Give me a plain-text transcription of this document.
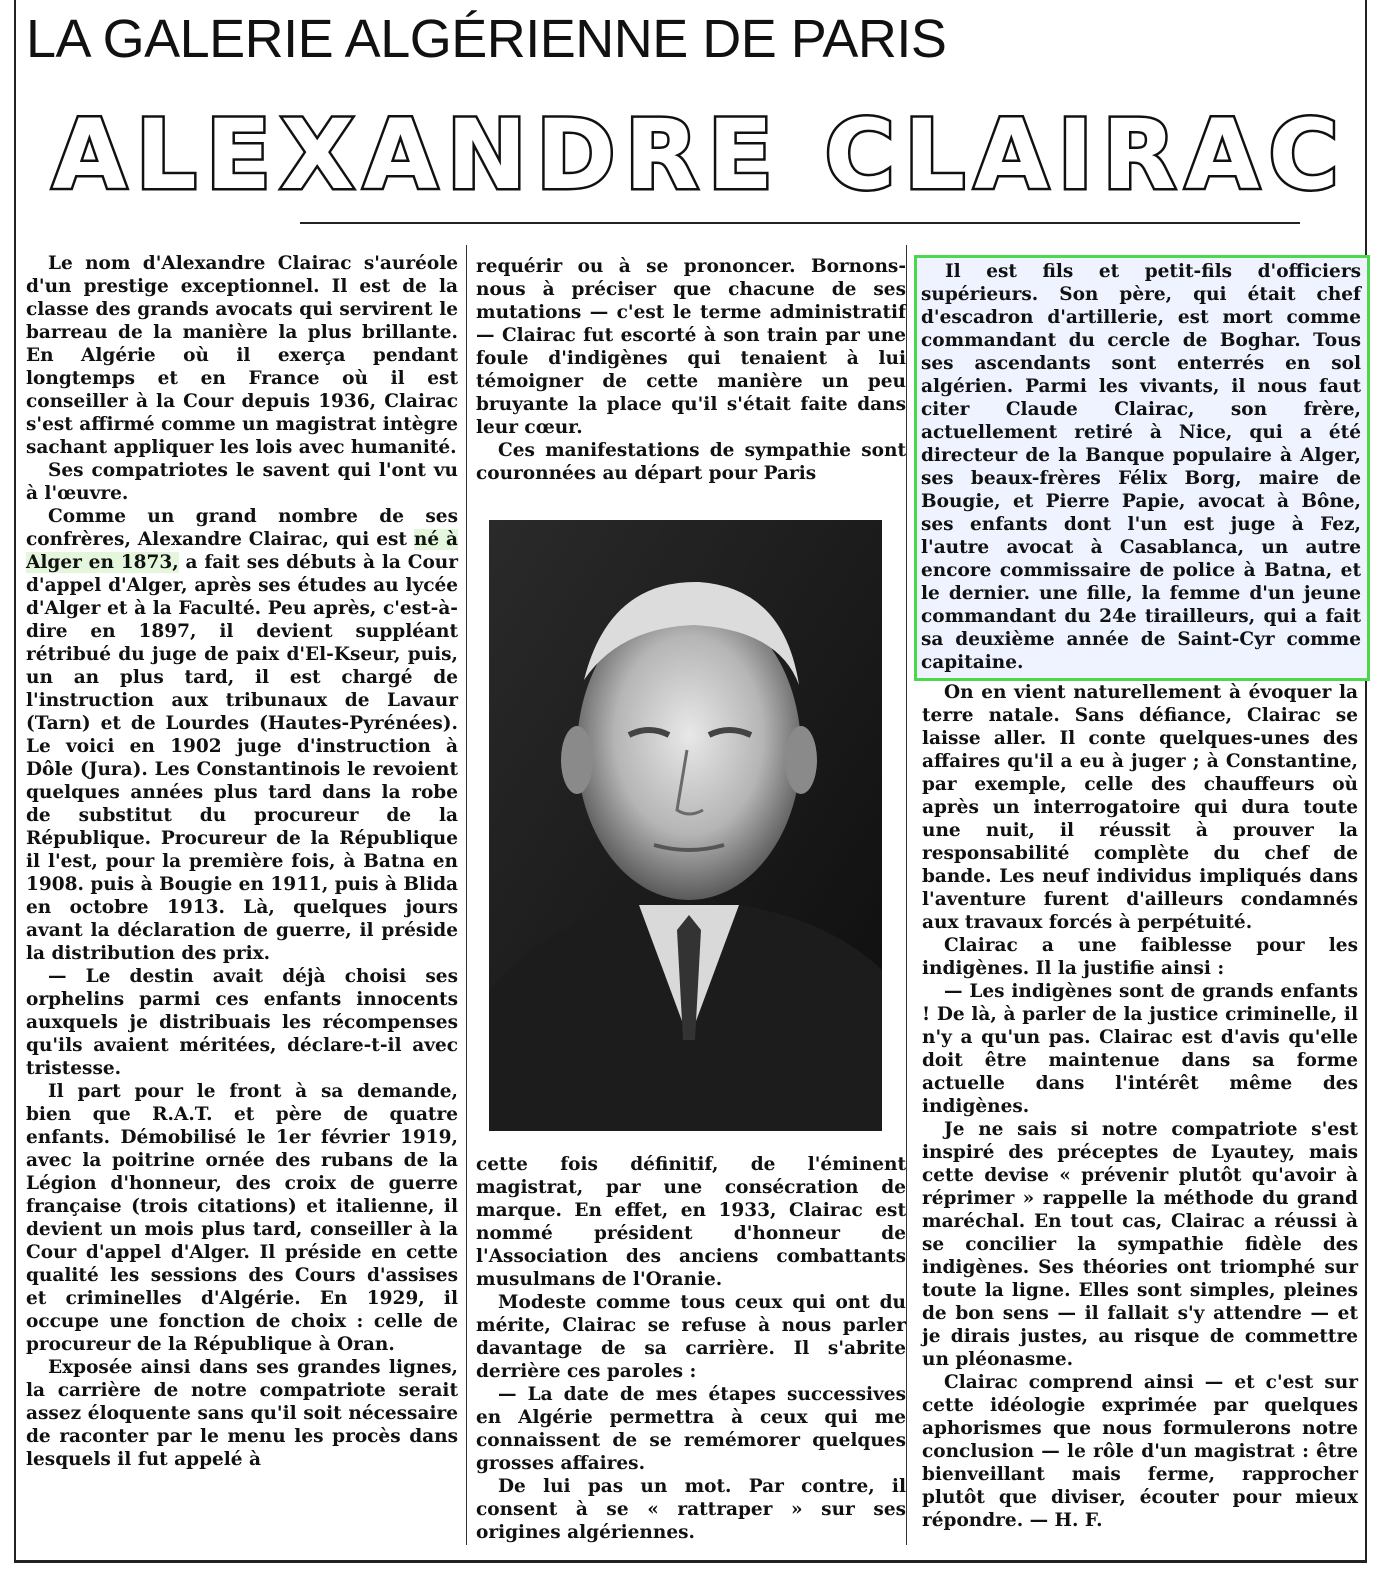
LA GALERIE ALGÉRIENNE DE PARIS
ALEXANDRE CLAIRAC

Le nom d'Alexandre Clairac s'auréole d'un prestige exceptionnel. Il est de la classe des grands avocats qui servirent le barreau de la manière la plus brillante. En Algérie où il exerça pendant longtemps et en France où il est conseiller à la Cour depuis 1936, Clairac s'est affirmé comme un magistrat intègre sachant appliquer les lois avec humanité.

Ses compatriotes le savent qui l'ont vu à l'œuvre.

Comme un grand nombre de ses confrères, Alexandre Clairac, qui est né à Alger en 1873, a fait ses débuts à la Cour d'appel d'Alger, après ses études au lycée d'Alger et à la Faculté. Peu après, c'est-à-dire en 1897, il devient suppléant rétribué du juge de paix d'El-Kseur, puis, un an plus tard, il est chargé de l'instruction aux tribunaux de Lavaur (Tarn) et de Lourdes (Hautes-Pyrénées). Le voici en 1902 juge d'instruction à Dôle (Jura). Les Constantinois le revoient quelques années plus tard dans la robe de substitut du procureur de la République. Procureur de la République il l'est, pour la première fois, à Batna en 1908. puis à Bougie en 1911, puis à Blida en octobre 1913. Là, quelques jours avant la déclaration de guerre, il préside la distribution des prix.

— Le destin avait déjà choisi ses orphelins parmi ces enfants innocents auxquels je distribuais les récompenses qu'ils avaient méritées, déclare-t-il avec tristesse.

Il part pour le front à sa demande, bien que R.A.T. et père de quatre enfants. Démobilisé le 1er février 1919, avec la poitrine ornée des rubans de la Légion d'honneur, des croix de guerre française (trois citations) et italienne, il devient un mois plus tard, conseiller à la Cour d'appel d'Alger. Il préside en cette qualité les sessions des Cours d'assises et criminelles d'Algérie. En 1929, il occupe une fonction de choix : celle de procureur de la République à Oran.

Exposée ainsi dans ses grandes lignes, la carrière de notre compatriote serait assez éloquente sans qu'il soit nécessaire de raconter par le menu les procès dans lesquels il fut appelé à

requérir ou à se prononcer. Bornons-nous à préciser que chacune de ses mutations — c'est le terme administratif — Clairac fut escorté à son train par une foule d'indigènes qui tenaient à lui témoigner de cette manière un peu bruyante la place qu'il s'était faite dans leur cœur.

Ces manifestations de sympathie sont couronnées au départ pour Paris

cette fois définitif, de l'éminent magistrat, par une consécration de marque. En effet, en 1933, Clairac est nommé président d'honneur de l'Association des anciens combattants musulmans de l'Oranie.

Modeste comme tous ceux qui ont du mérite, Clairac se refuse à nous parler davantage de sa carrière. Il s'abrite derrière ces paroles :

— La date de mes étapes successives en Algérie permettra à ceux qui me connaissent de se remémorer quelques grosses affaires.

De lui pas un mot. Par contre, il consent à se « rattraper » sur ses origines algériennes.

Il est fils et petit-fils d'officiers supérieurs. Son père, qui était chef d'escadron d'artillerie, est mort comme commandant du cercle de Boghar. Tous ses ascendants sont enterrés en sol algérien. Parmi les vivants, il nous faut citer Claude Clairac, son frère, actuellement retiré à Nice, qui a été directeur de la Banque populaire à Alger, ses beaux-frères Félix Borg, maire de Bougie, et Pierre Papie, avocat à Bône, ses enfants dont l'un est juge à Fez, l'autre avocat à Casablanca, un autre encore commissaire de police à Batna, et le dernier. une fille, la femme d'un jeune commandant du 24e tirailleurs, qui a fait sa deuxième année de Saint-Cyr comme capitaine.

On en vient naturellement à évoquer la terre natale. Sans défiance, Clairac se laisse aller. Il conte quelques-unes des affaires qu'il a eu à juger ; à Constantine, par exemple, celle des chauffeurs où après un interrogatoire qui dura toute une nuit, il réussit à prouver la responsabilité complète du chef de bande. Les neuf individus impliqués dans l'aventure furent d'ailleurs condamnés aux travaux forcés à perpétuité.

Clairac a une faiblesse pour les indigènes. Il la justifie ainsi :

— Les indigènes sont de grands enfants ! De là, à parler de la justice criminelle, il n'y a qu'un pas. Clairac est d'avis qu'elle doit être maintenue dans sa forme actuelle dans l'intérêt même des indigènes.

Je ne sais si notre compatriote s'est inspiré des préceptes de Lyautey, mais cette devise « prévenir plutôt qu'avoir à réprimer » rappelle la méthode du grand maréchal. En tout cas, Clairac a réussi à se concilier la sympathie fidèle des indigènes. Ses théories ont triomphé sur toute la ligne. Elles sont simples, pleines de bon sens — il fallait s'y attendre — et je dirais justes, au risque de commettre un pléonasme.

Clairac comprend ainsi — et c'est sur cette idéologie exprimée par quelques aphorismes que nous formulerons notre conclusion — le rôle d'un magistrat : être bienveillant mais ferme, rapprocher plutôt que diviser, écouter pour mieux répondre. — H. F.
